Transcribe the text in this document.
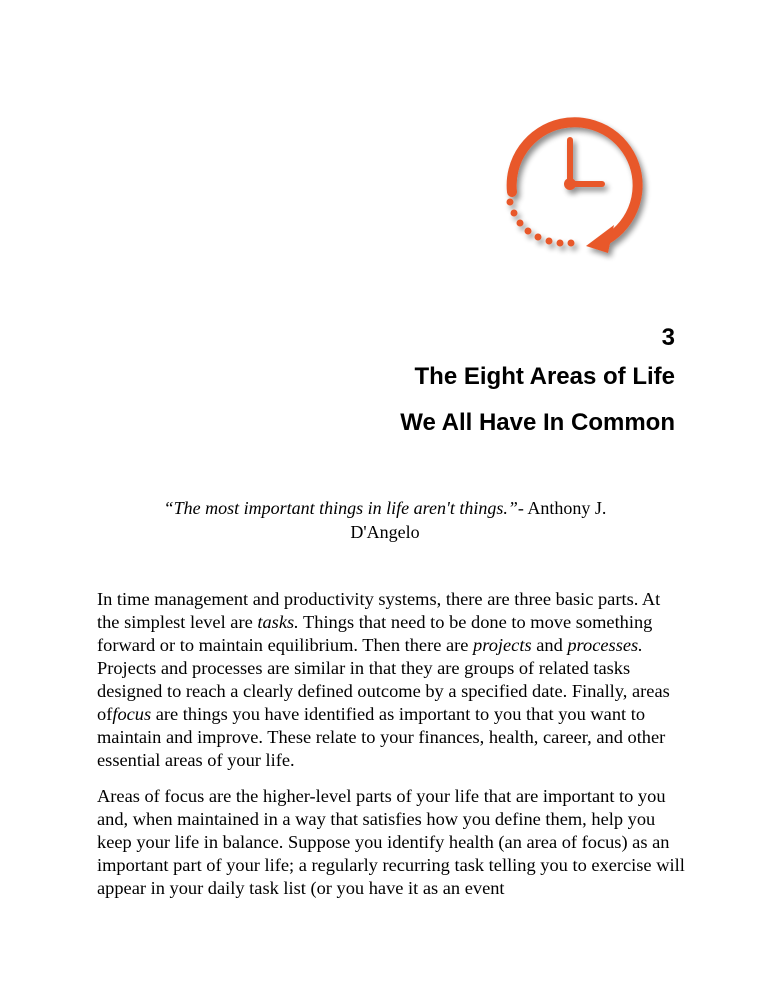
3
The Eight Areas of Life
We All Have In Common
“The most important things in life aren't things.”- Anthony J.
D'Angelo

In time management and productivity systems, there are three basic parts. At the simplest level are tasks. Things that need to be done to move something forward or to maintain equilibrium. Then there are projects and processes. Projects and processes are similar in that they are groups of related tasks designed to reach a clearly defined outcome by a specified date. Finally, areas offocus are things you have identified as important to you that you want to maintain and improve. These relate to your finances, health, career, and other essential areas of your life.

Areas of focus are the higher-level parts of your life that are important to you and, when maintained in a way that satisfies how you define them, help you keep your life in balance. Suppose you identify health (an area of focus) as an important part of your life; a regularly recurring task telling you to exercise will appear in your daily task list (or you have it as an event
